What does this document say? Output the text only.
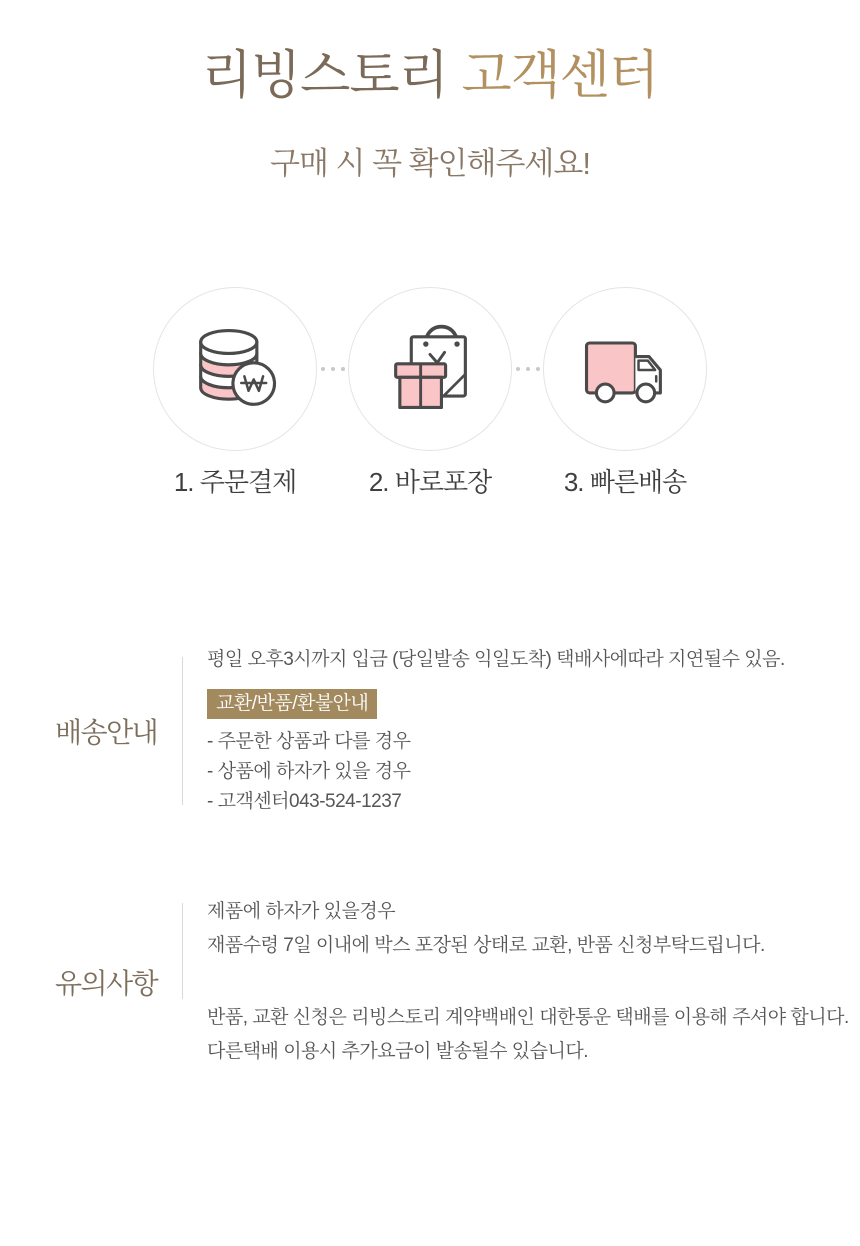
리빙스토리 고객센터
구매 시 꼭 확인해주세요!
1. 주문결제	2. 바로포장	3. 빠른배송
배송안내
평일 오후3시까지 입금 (당일발송 익일도착) 택배사에따라 지연될수 있음.
교환/반품/환불안내
- 주문한 상품과 다를 경우
- 상품에 하자가 있을 경우
- 고객센터043-524-1237
유의사항
제품에 하자가 있을경우
재품수령 7일 이내에 박스 포장된 상태로 교환, 반품 신청부탁드립니다.
반품, 교환 신청은 리빙스토리 계약백배인 대한통운 택배를 이용해 주셔야 합니다.
다른택배 이용시 추가요금이 발송될수 있습니다.
